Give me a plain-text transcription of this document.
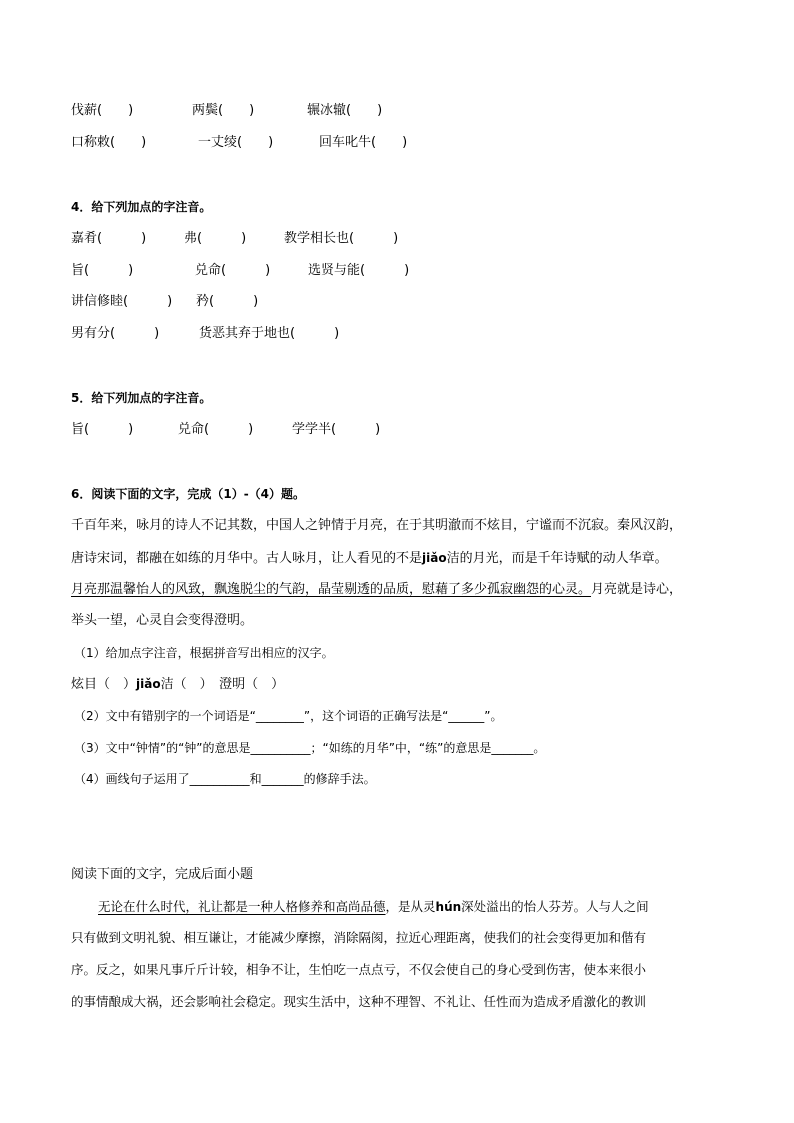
伐薪(　　)	两鬓(　　)	辗冰辙(　　)
口称敕(　　)	一丈绫(　　)	回车叱牛(　　)
4．给下列加点的字注音。
嘉肴(　　　)	弗(　　　)	教学相长也(　　　)
旨(　　　)	兑命(　　　)	选贤与能(　　　)
讲信修睦(　　　) 矜(　　　)
男有分(　　　)	货恶其弃于地也(　　　)
5．给下列加点的字注音。
旨(　　　)	兑命(　　　)	学学半(　　　)
6．阅读下面的文字，完成（1）-（4）题。
千百年来，咏月的诗人不记其数，中国人之钟情于月亮，在于其明澈而不炫目，宁谧而不沉寂。秦风汉韵，
唐诗宋词，都融在如练的月华中。古人咏月，让人看见的不是jiǎo洁的月光，而是千年诗赋的动人华章。
月亮那温馨怡人的风致，飘逸脱尘的气韵，晶莹剔透的品质，慰藉了多少孤寂幽怨的心灵。月亮就是诗心，
举头一望，心灵自会变得澄明。
（1）给加点字注音，根据拼音写出相应的汉字。
炫目（　）jiǎo洁（　）　澄明（　）
（2）文中有错别字的一个词语是“________”，这个词语的正确写法是“______”。
（3）文中“钟情”的“钟”的意思是__________；“如练的月华”中，“练”的意思是_______。
（4）画线句子运用了__________和_______的修辞手法。
阅读下面的文字，完成后面小题
无论在什么时代，礼让都是一种人格修养和高尚品德，是从灵hún深处溢出的怡人芬芳。人与人之间
只有做到文明礼貌、相互谦让，才能减少摩擦，消除隔阂，拉近心理距离，使我们的社会变得更加和偕有
序。反之，如果凡事斤斤计较，相争不让，生怕吃一点点亏，不仅会使自己的身心受到伤害，使本来很小
的事情酿成大祸，还会影响社会稳定。现实生活中，这种不理智、不礼让、任性而为造成矛盾激化的教训
